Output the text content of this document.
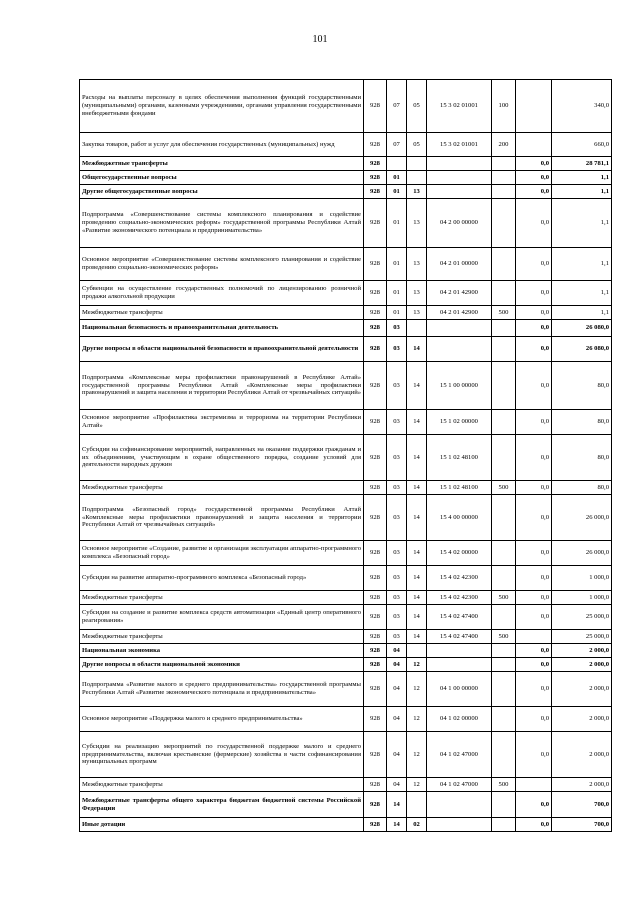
101
Расходы на выплаты персоналу в целях обеспечения выполнения функций государственными (муниципальными) органами, казенными учреждениями, органами управления государственными внебюджетными фондами	928	07	05	15 3 02 01001	100		340,0
Закупка товаров, работ и услуг для обеспечения государственных (муниципальных) нужд	928	07	05	15 3 02 01001	200		660,0
Межбюджетные трансферты	928					0,0	28 781,1
Общегосударственные вопросы	928	01				0,0	1,1
Другие общегосударственные вопросы	928	01	13			0,0	1,1
Подпрограмма «Совершенствование системы комплексного планирования и содействие проведению социально-экономических реформ» государственной программы Республики Алтай «Развитие экономического потенциала и предпринимательства»	928	01	13	04 2 00 00000		0,0	1,1
Основное мероприятие «Совершенствование системы комплексного планирования и содействие проведению социально-экономических реформ»	928	01	13	04 2 01 00000		0,0	1,1
Субвенции на осуществление государственных полномочий по лицензированию розничной продажи алкогольной продукции	928	01	13	04 2 01 42900		0,0	1,1
Межбюджетные трансферты	928	01	13	04 2 01 42900	500	0,0	1,1
Национальная безопасность и правоохранительная деятельность	928	03				0,0	26 080,0
Другие вопросы в области национальной безопасности и правоохранительной деятельности	928	03	14			0,0	26 080,0
Подпрограмма «Комплексные меры профилактики правонарушений в Республике Алтай» государственной программы Республики Алтай «Комплексные меры профилактики правонарушений и защита населения и территории Республики Алтай от чрезвычайных ситуаций»	928	03	14	15 1 00 00000		0,0	80,0
Основное мероприятие «Профилактика экстремизма и терроризма на территории Республики Алтай»	928	03	14	15 1 02 00000		0,0	80,0
Субсидии на софинансирование мероприятий, направленных на оказание поддержки гражданам и их объединениям, участвующим в охране общественного порядка, создание условий для деятельности народных дружин	928	03	14	15 1 02 48100		0,0	80,0
Межбюджетные трансферты	928	03	14	15 1 02 48100	500	0,0	80,0
Подпрограмма «Безопасный город» государственной программы Республики Алтай «Комплексные меры профилактики правонарушений и защита населения и территории Республики Алтай от чрезвычайных ситуаций»	928	03	14	15 4 00 00000		0,0	26 000,0
Основное мероприятие «Создание, развитие и организация эксплуатации аппаратно-программного комплекса «Безопасный город»	928	03	14	15 4 02 00000		0,0	26 000,0
Субсидии на развитие аппаратно-программного комплекса «Безопасный город»	928	03	14	15 4 02 42300		0,0	1 000,0
Межбюджетные трансферты	928	03	14	15 4 02 42300	500	0,0	1 000,0
Субсидии на создание и развитие комплекса средств автоматизации «Единый центр оперативного реагирования»	928	03	14	15 4 02 47400		0,0	25 000,0
Межбюджетные трансферты	928	03	14	15 4 02 47400	500		25 000,0
Национальная экономика	928	04				0,0	2 000,0
Другие вопросы в области национальной экономики	928	04	12			0,0	2 000,0
Подпрограмма «Развитие малого и среднего предпринимательства» государственной программы Республики Алтай «Развитие экономического потенциала и предпринимательства»	928	04	12	04 1 00 00000		0,0	2 000,0
Основное мероприятие «Поддержка малого и среднего предпринимательства»	928	04	12	04 1 02 00000		0,0	2 000,0
Субсидии на реализацию мероприятий по государственной поддержке малого и среднего предпринимательства, включая крестьянские (фермерские) хозяйства в части софинансирования муниципальных программ	928	04	12	04 1 02 47000		0,0	2 000,0
Межбюджетные трансферты	928	04	12	04 1 02 47000	500		2 000,0
Межбюджетные трансферты общего характера бюджетам бюджетной системы Российской Федерации	928	14				0,0	700,0
Иные дотации	928	14	02			0,0	700,0
